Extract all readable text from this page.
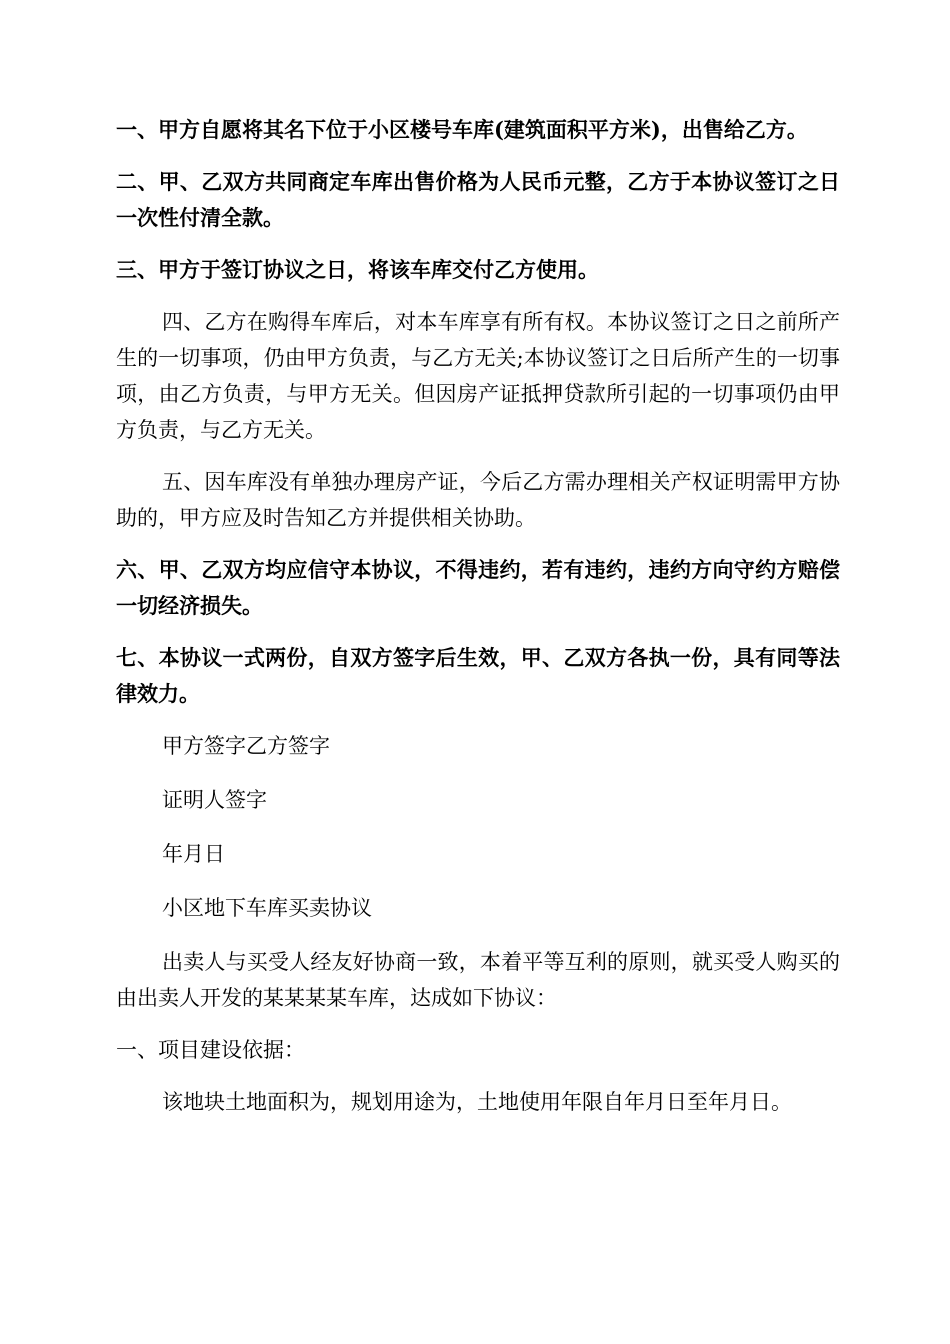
一、甲方自愿将其名下位于小区楼号车库(建筑面积平方米)，出售给乙方。

二、甲、乙双方共同商定车库出售价格为人民币元整，乙方于本协议签订之日一次性付清全款。

三、甲方于签订协议之日，将该车库交付乙方使用。

四、乙方在购得车库后，对本车库享有所有权。本协议签订之日之前所产生的一切事项，仍由甲方负责，与乙方无关;本协议签订之日后所产生的一切事项，由乙方负责，与甲方无关。但因房产证抵押贷款所引起的一切事项仍由甲方负责，与乙方无关。

五、因车库没有单独办理房产证，今后乙方需办理相关产权证明需甲方协助的，甲方应及时告知乙方并提供相关协助。

六、甲、乙双方均应信守本协议，不得违约，若有违约，违约方向守约方赔偿一切经济损失。

七、本协议一式两份，自双方签字后生效，甲、乙双方各执一份，具有同等法律效力。

甲方签字乙方签字

证明人签字

年月日

小区地下车库买卖协议

出卖人与买受人经友好协商一致，本着平等互利的原则，就买受人购买的由出卖人开发的某某某某车库，达成如下协议：

一、项目建设依据：

该地块土地面积为，规划用途为，土地使用年限自年月日至年月日。
